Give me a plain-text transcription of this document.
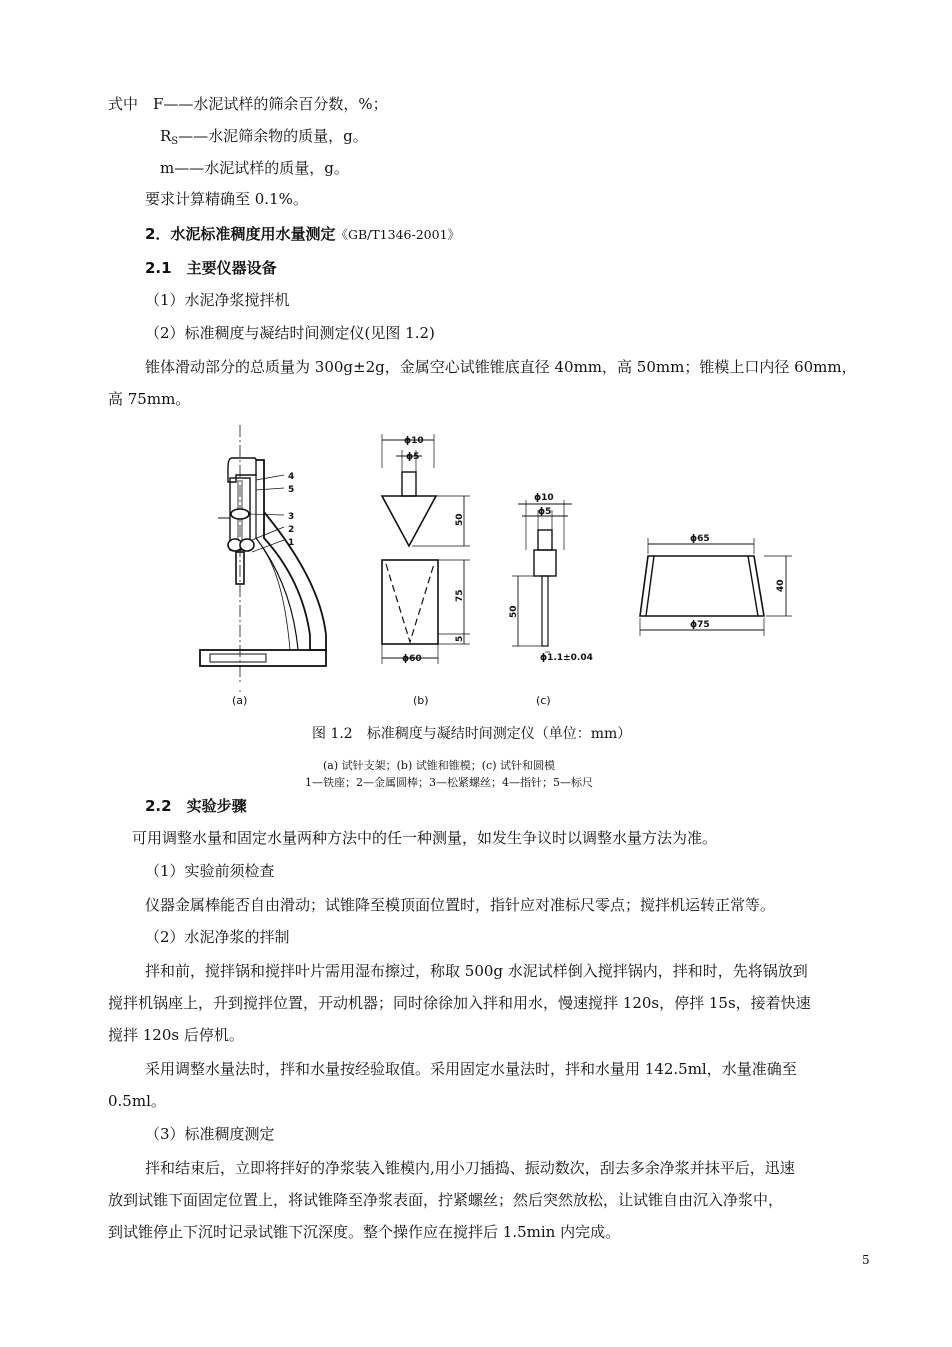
式中　F——水泥试样的筛余百分数，%；
$R_S——$水泥筛余物的质量，g。
m——水泥试样的质量，g。
要求计算精确至 0.1%。
2．水泥标准稠度用水量测定《GB/T1346-2001》
2.1　主要仪器设备
（1）水泥净浆搅拌机
（2）标准稠度与凝结时间测定仪(见图 1.2)
锥体滑动部分的总质量为 300g±2g，金属空心试锥锥底直径 40mm，高 50mm；锥模上口内径 60mm，
高 75mm。
4
5
3
2
1
ϕ10
ϕ5
50
75
5
ϕ60
ϕ10
ϕ5
50
ϕ1.1±0.04
ϕ65
ϕ75
40
(a)	(b)	(c)
图 1.2　标准稠度与凝结时间测定仪（单位：mm）
(a) 试针支架；(b) 试锥和锥模；(c) 试针和圆模
1—铁座；2—金属圆棒；3—松紧螺丝；4—指针；5—标尺
2.2　实验步骤
可用调整水量和固定水量两种方法中的任一种测量，如发生争议时以调整水量方法为准。
（1）实验前须检查
仪器金属棒能否自由滑动；试锥降至模顶面位置时，指针应对准标尺零点；搅拌机运转正常等。
（2）水泥净浆的拌制
拌和前，搅拌锅和搅拌叶片需用湿布擦过，称取 500g 水泥试样倒入搅拌锅内，拌和时，先将锅放到
搅拌机锅座上，升到搅拌位置，开动机器；同时徐徐加入拌和用水，慢速搅拌 120s，停拌 15s，接着快速
搅拌 120s 后停机。
采用调整水量法时，拌和水量按经验取值。采用固定水量法时，拌和水量用 142.5ml，水量准确至
0.5ml。
（3）标准稠度测定
拌和结束后，立即将拌好的净浆装入锥模内,用小刀插捣、振动数次，刮去多余净浆并抹平后，迅速
放到试锥下面固定位置上，将试锥降至净浆表面，拧紧螺丝；然后突然放松，让试锥自由沉入净浆中，
到试锥停止下沉时记录试锥下沉深度。整个操作应在搅拌后 1.5min 内完成。
5
